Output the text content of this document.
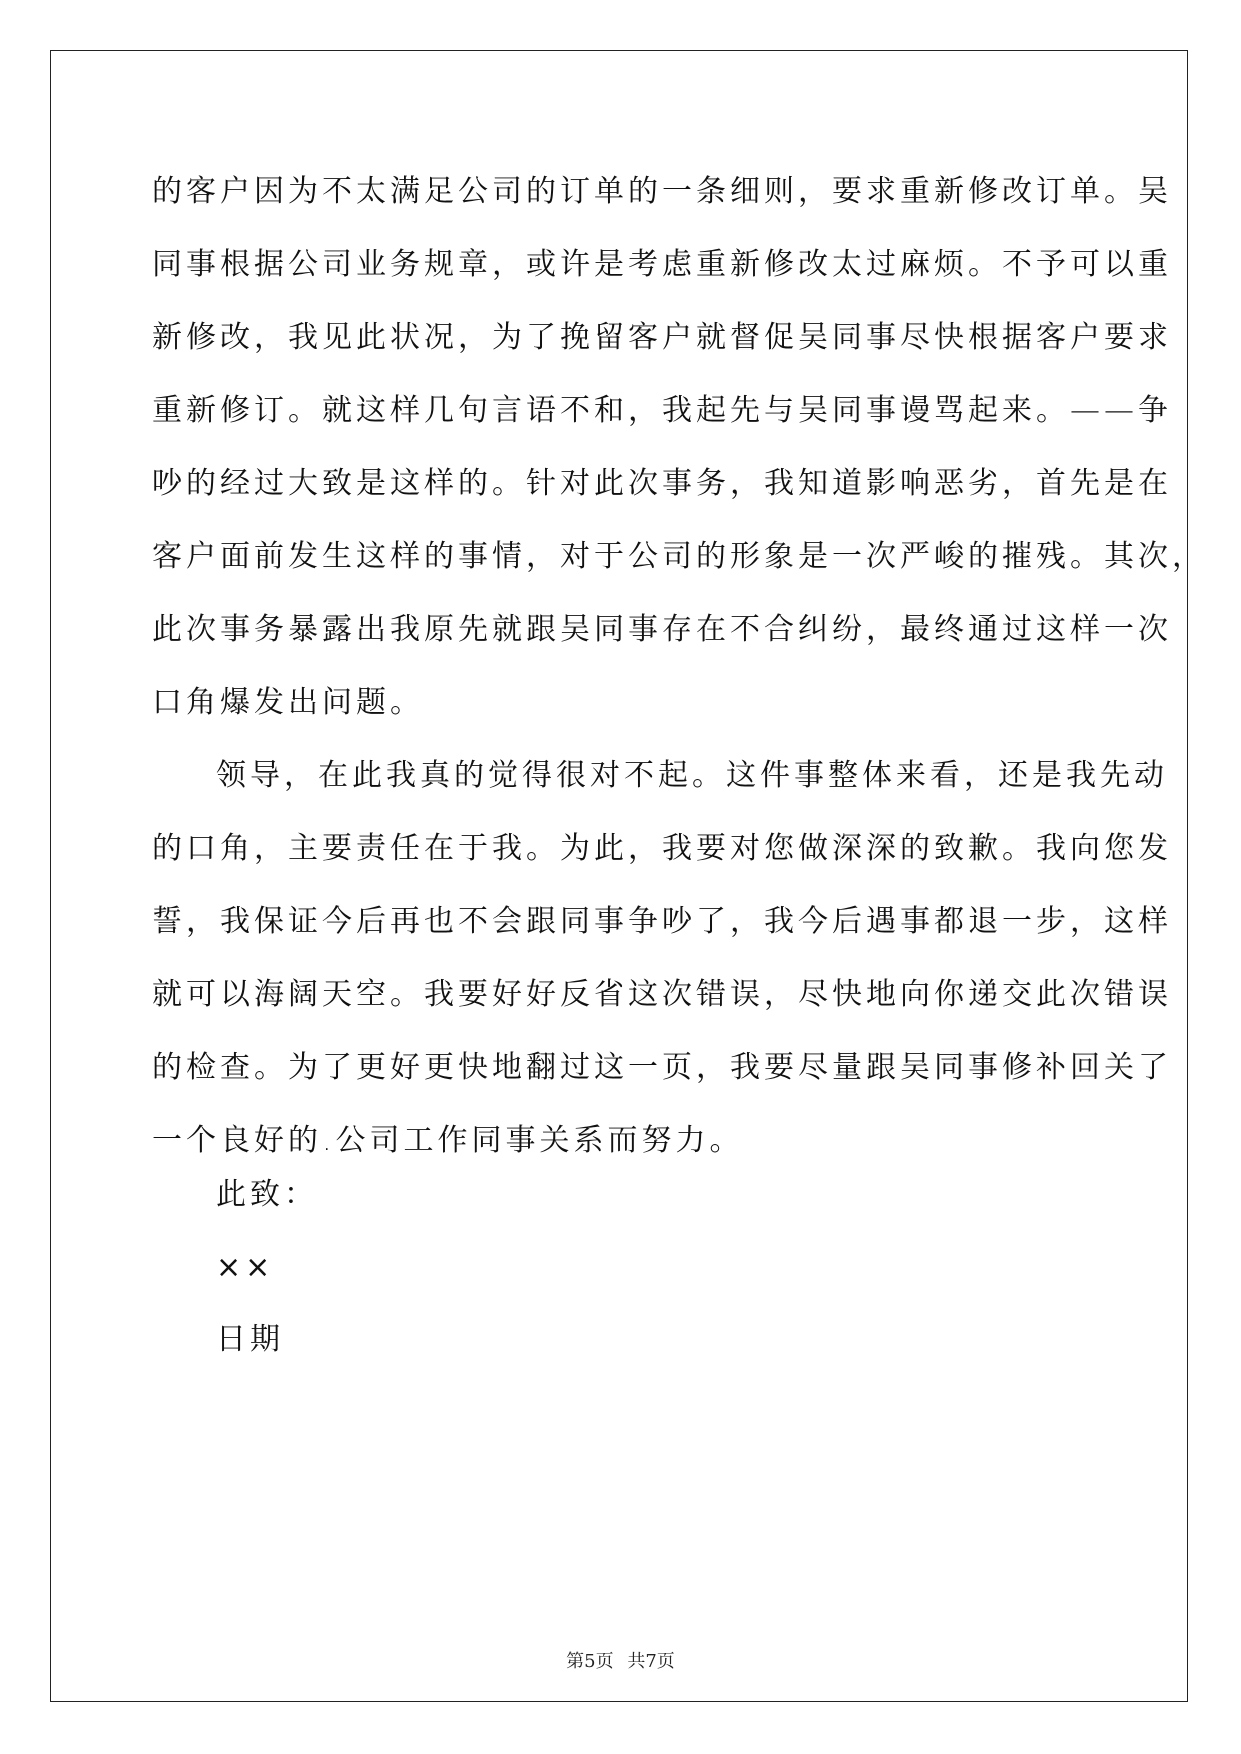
的客户因为不太满足公司的订单的一条细则，要求重新修改订单。吴
同事根据公司业务规章，或许是考虑重新修改太过麻烦。不予可以重
新修改，我见此状况，为了挽留客户就督促吴同事尽快根据客户要求
重新修订。就这样几句言语不和，我起先与吴同事谩骂起来。——争
吵的经过大致是这样的。针对此次事务，我知道影响恶劣，首先是在
客户面前发生这样的事情，对于公司的形象是一次严峻的摧残。其次，
此次事务暴露出我原先就跟吴同事存在不合纠纷，最终通过这样一次
口角爆发出问题。
领导，在此我真的觉得很对不起。这件事整体来看，还是我先动
的口角，主要责任在于我。为此，我要对您做深深的致歉。我向您发
誓，我保证今后再也不会跟同事争吵了，我今后遇事都退一步，这样
就可以海阔天空。我要好好反省这次错误，尽快地向你递交此次错误
的检查。为了更好更快地翻过这一页，我要尽量跟吴同事修补回关了
一个良好的.公司工作同事关系而努力。
此致：
××
日期
第5页 共7页
